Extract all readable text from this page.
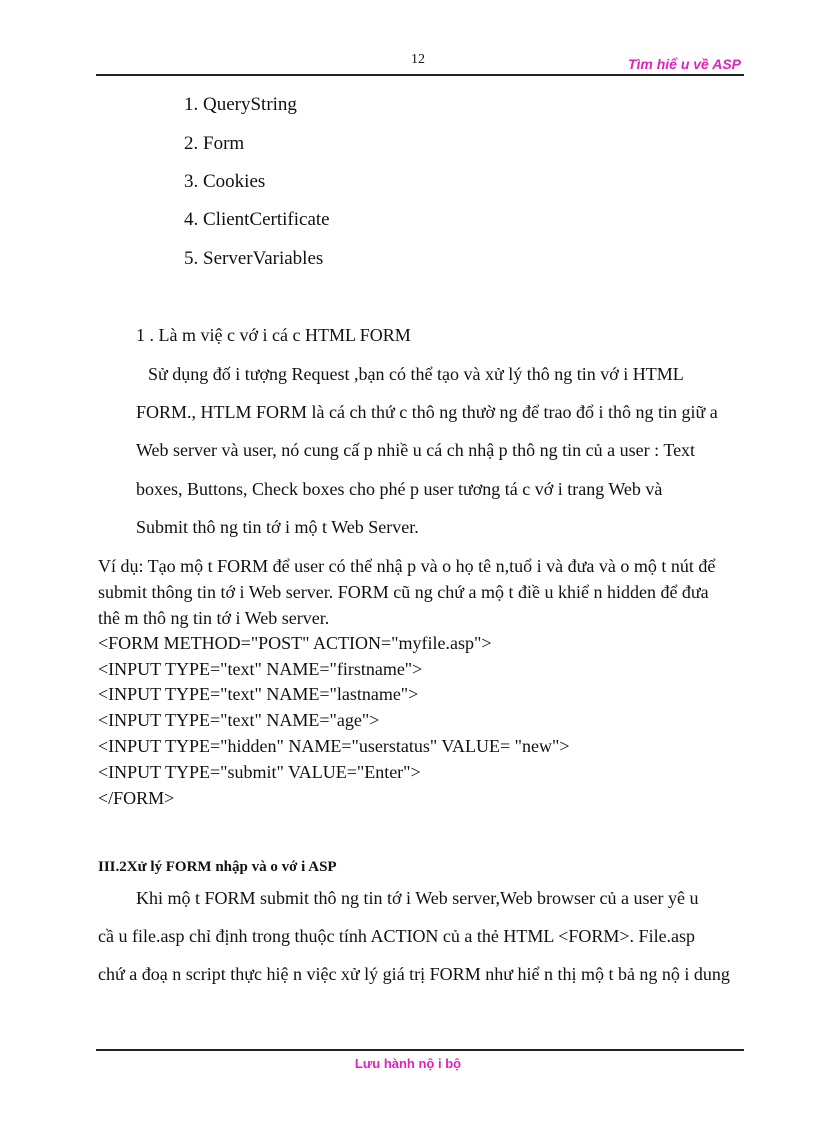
12	Tìm hiể u về ASP
1. QueryString
2. Form
3. Cookies
4. ClientCertificate
5. ServerVariables
1 . Là m việ c vớ i cá c HTML FORM
Sử dụng đố i tượng Request ,bạn có thể tạo và xử lý thô ng tin vớ i HTML
FORM., HTLM FORM là cá ch thứ c thô ng thườ ng để trao đổ i thô ng tin giữ a
Web server và user, nó cung cấ p nhiề u cá ch nhậ p thô ng tin củ a user : Text
boxes, Buttons, Check boxes cho phé p user tương tá c vớ i trang Web và
Submit thô ng tin tớ i mộ t Web Server.
Ví dụ: Tạo mộ t FORM để user có thể nhậ p và o họ tê n,tuổ i và đưa và o mộ t nút để
submit thông tin tớ i Web server. FORM cũ ng chứ a mộ t điề u khiể n hidden để đưa
thê m thô ng tin tớ i Web server.
<FORM METHOD="POST" ACTION="myfile.asp">
<INPUT TYPE="text" NAME="firstname">
<INPUT TYPE="text" NAME="lastname">
<INPUT TYPE="text" NAME="age">
<INPUT TYPE="hidden" NAME="userstatus" VALUE= "new">
<INPUT TYPE="submit" VALUE="Enter">
</FORM>
III.2Xử lý FORM nhập và o vớ i ASP
Khi mộ t FORM submit thô ng tin tớ i Web server,Web browser củ a user yê u
cầ u file.asp chỉ định trong thuộc tính ACTION củ a thẻ HTML <FORM>. File.asp
chứ a đoạ n script thực hiệ n việc xử lý giá trị FORM như hiể n thị mộ t bả ng nộ i dung
Lưu hành nộ i bộ
